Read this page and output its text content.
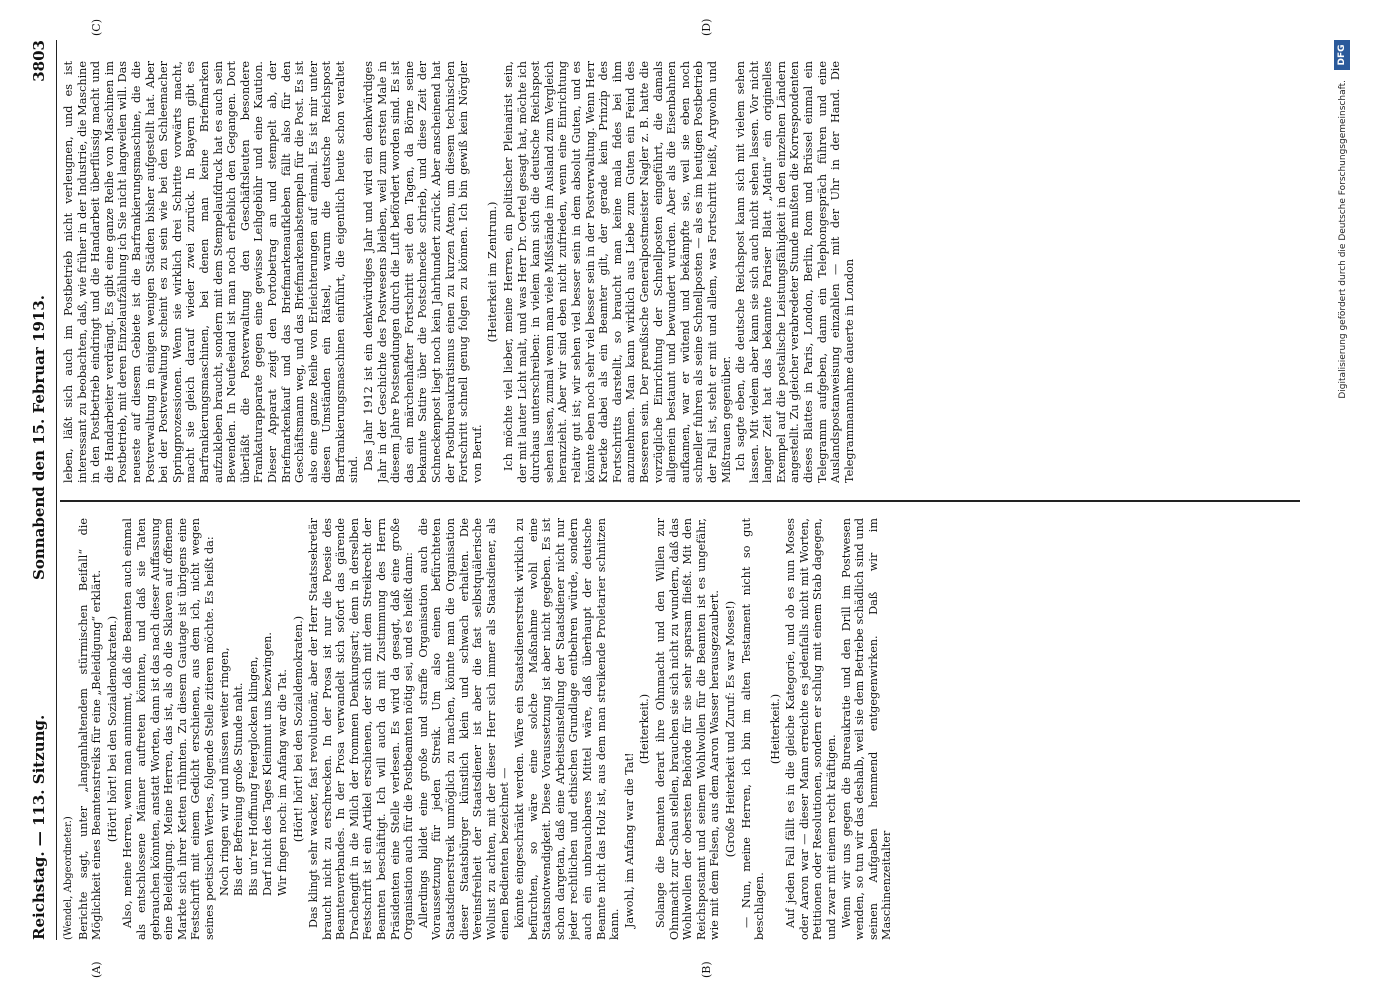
Reichstag. — 113. Sitzung.
Sonnabend den 15. Februar 1913.
3803
(A)	(B)
(C)	(D)

(Wendel, Abgeordneter.) Berichte sagt, unter „langanhaltendem stürmischen Beifall“ die Möglichkeit eines Beamtenstreiks für eine „Beleidigung“ erklärt. (Hört! hört! bei den Sozialdemokraten.) Also, meine Herren, wenn man annimmt, daß die Beamten auch einmal als entschlossene Männer auftreten könnten, und daß sie Taten gebrauchen könnten, anstatt Worten, dann ist das nach dieser Auffassung eine Beleidigung. Meine Herren, das ist, als ob die Sklaven auf offenem Markte sich ihrer Ketten rühmten. Zu diesem Gautage ist übrigens eine Festschrift mit einem Gedicht erschienen, aus dem ich, nicht wegen seines poetischen Wertes, folgende Stelle zitieren möchte. Es heißt da: Noch ringen wir und müssen weiter ringen, Bis der Befreiung große Stunde naht. Bis un’rer Hoffnung Feierglocken klingen, Darf nicht des Tages Kleinmut uns bezwingen. Wir fingen noch: im Anfang war die Tat. (Hört! hört! bei den Sozialdemokraten.) Das klingt sehr wacker, fast revolutionär, aber der Herr Staatssekretär braucht nicht zu erschrecken. In der Prosa ist nur die Poesie des Beamtenverbandes. In der Prosa verwandelt sich sofort das gärende Drachengift in die Milch der frommen Denkungsart; denn in derselben Festschrift ist ein Artikel erschienen, der sich mit dem Streikrecht der Beamten beschäftigt. Ich will auch da mit Zustimmung des Herrn Präsidenten eine Stelle verlesen. Es wird da gesagt, daß eine große Organisation auch für die Postbeamten nötig sei, und es heißt dann: Allerdings bildet eine große und straffe Organisation auch die Voraussetzung für jeden Streik. Um also einen befürchteten Staatsdienerstreik unmöglich zu machen, könnte man die Organisation dieser Staatsbürger künstlich klein und schwach erhalten. Die Vereinsfreiheit der Staatsdiener ist aber die fast selbstquälerische Wollust zu achten, mit der dieser Herr sich immer als Staatsdiener, als einen Bedienten bezeichnet — könnte eingeschränkt werden. Wäre ein Staatsdienerstreik wirklich zu befürchten, so wäre eine solche Maßnahme wohl eine Staatsnotwendigkeit. Diese Voraussetzung ist aber nicht gegeben. Es ist schon dargetan, daß eine Arbeitseinstellung der Staatsdiener nicht nur jeder rechtlichen und ethischen Grundlage entbehren würde, sondern auch ein unbrauchbares Mittel wäre, daß überhaupt der deutsche Beamte nicht das Holz ist, aus dem man streikende Proletarier schnitzen kann. Jawohl, im Anfang war die Tat!

(Heiterkeit.) Solange die Beamten derart ihre Ohnmacht und den Willen zur Ohnmacht zur Schau stellen, brauchen sie sich nicht zu wundern, daß das Wohlwollen der obersten Behörde für sie sehr sparsam fließt. Mit den Reichspostamt und seinem Wohlwollen für die Beamten ist es ungefähr, wie mit dem Felsen, aus dem Aaron Wasser herausgezaubert. (Große Heiterkeit und Zuruf: Es war Moses!) — Nun, meine Herren, ich bin im alten Testament nicht so gut beschlagen.

(Heiterkeit.) Auf jeden Fall fällt es in die gleiche Kategorie, und ob es nun Moses oder Aaron war — dieser Mann erreichte es jedenfalls nicht mit Worten, Petitionen oder Resolutionen, sondern er schlug mit einem Stab dagegen, und zwar mit einem recht kräftigen. Wenn wir uns gegen die Bureaukratie und den Drill im Postwesen wenden, so tun wir das deshalb, weil sie dem Betriebe schädlich sind und seinen Aufgaben hemmend entgegenwirken. Daß wir im Maschinenzeitalter

leben, läßt sich auch im Postbetrieb nicht verleugnen, und es ist interessant zu beobachten, daß, wie früher in der Industrie, die Maschine in den Postbetrieb eindringt und die Handarbeit überflüssig macht und die Handarbeiter verdrängt. Es gibt eine ganze Reihe von Maschinen im Postbetrieb, mit deren Einzelaufzählung ich Sie nicht langweilen will. Das neueste auf diesem Gebiete ist die Barfrankierungsmaschine, die die Postverwaltung in einigen wenigen Städten bisher aufgestellt hat. Aber bei der Postverwaltung scheint es zu sein wie bei den Schleemacher Springprozessionen. Wenn sie wirklich drei Schritte vorwärts macht, macht sie gleich darauf wieder zwei zurück. In Bayern gibt es Barfrankierungsmaschinen, bei denen man keine Briefmarken aufzukleben braucht, sondern mit dem Stempelaufdruck hat es auch sein Bewenden. In Neufeeland ist man noch erheblich den Gegangen. Dort überläßt die Postverwaltung den Geschäftsleuten besondere Frankaturapparate gegen eine gewisse Leihgebühr und eine Kaution. Dieser Apparat zeigt den Portobetrag an und stempelt ab, der Briefmarkenkauf und das Briefmarkenaufkleben fällt also für den Geschäftsmann weg, und das Briefmarkenabstempeln für die Post. Es ist also eine ganze Reihe von Erleichterungen auf einmal. Es ist mir unter diesen Umständen ein Rätsel, warum die deutsche Reichspost Barfrankierungsmaschinen einführt, die eigentlich heute schon veraltet sind. Das Jahr 1912 ist ein denkwürdiges Jahr und wird ein denkwürdiges Jahr in der Geschichte des Postwesens bleiben, weil zum ersten Male in diesem Jahre Postsendungen durch die Luft befördert worden sind. Es ist das ein märchenhafter Fortschritt seit den Tagen, da Börne seine bekannte Satire über die Postschnecke schrieb, und diese Zeit der Schneckenpost liegt noch kein Jahrhundert zurück. Aber anscheinend hat der Postbureaukratismus einen zu kurzen Atem, um diesem technischen Fortschritt schnell genug folgen zu können. Ich bin gewiß kein Nörgler von Beruf.

(Heiterkeit im Zentrum.) Ich möchte viel lieber, meine Herren, ein politischer Pleinairist sein, der mit lauter Licht malt, und was Herr Dr. Oertel gesagt hat, möchte ich durchaus unterschreiben: in vielem kann sich die deutsche Reichspost sehen lassen, zumal wenn man viele Mißstände im Ausland zum Vergleich heranzieht. Aber wir sind eben nicht zufrieden, wenn eine Einrichtung relativ gut ist; wir sehen viel besser sein in dem absolut Guten, und es könnte eben noch sehr viel besser sein in der Postverwaltung. Wenn Herr Kraetke dabei als ein Beamter gilt, der gerade kein Prinzip des Fortschritts darstellt, so braucht man keine mala fides bei ihm anzunehmen. Man kann wirklich aus Liebe zum Guten ein Feind des Besseren sein. Der preußische Generalpostmeister Nagler z. B. hatte die vorzügliche Einrichtung der Schnellposten eingeführt, die damals allgemein bestaunt und bewundert wurden. Aber als die Eisenbahnen aufkamen, war er wütend und bekämpfte sie, weil sie eben noch schneller fuhren als seine Schnellposten — als es im heutigen Postbetrieb der Fall ist, steht er mit und allem, was Fortschritt heißt, Argwohn und Mißtrauen gegenüber. Ich sagte eben, die deutsche Reichspost kann sich mit vielem sehen lassen. Mit vielem aber kann sie sich auch nicht sehen lassen. Vor nicht langer Zeit hat das bekannte Pariser Blatt „Matin“ ein originelles Exempel auf die postalische Leistungsfähigkeit in den einzelnen Ländern angestellt. Zu gleicher verabredeter Stunde mußten die Korrespondenten dieses Blattes in Paris, London, Berlin, Rom und Brüssel einmal ein Telegramm aufgeben, dann ein Telephongespräch führen und eine Auslandspostanweisung einzahlen — mit der Uhr in der Hand. Die Telegrammannahme dauerte in London	Digitalisierung gefördert durch die Deutsche Forschungsgemeinschaft.
DFG
